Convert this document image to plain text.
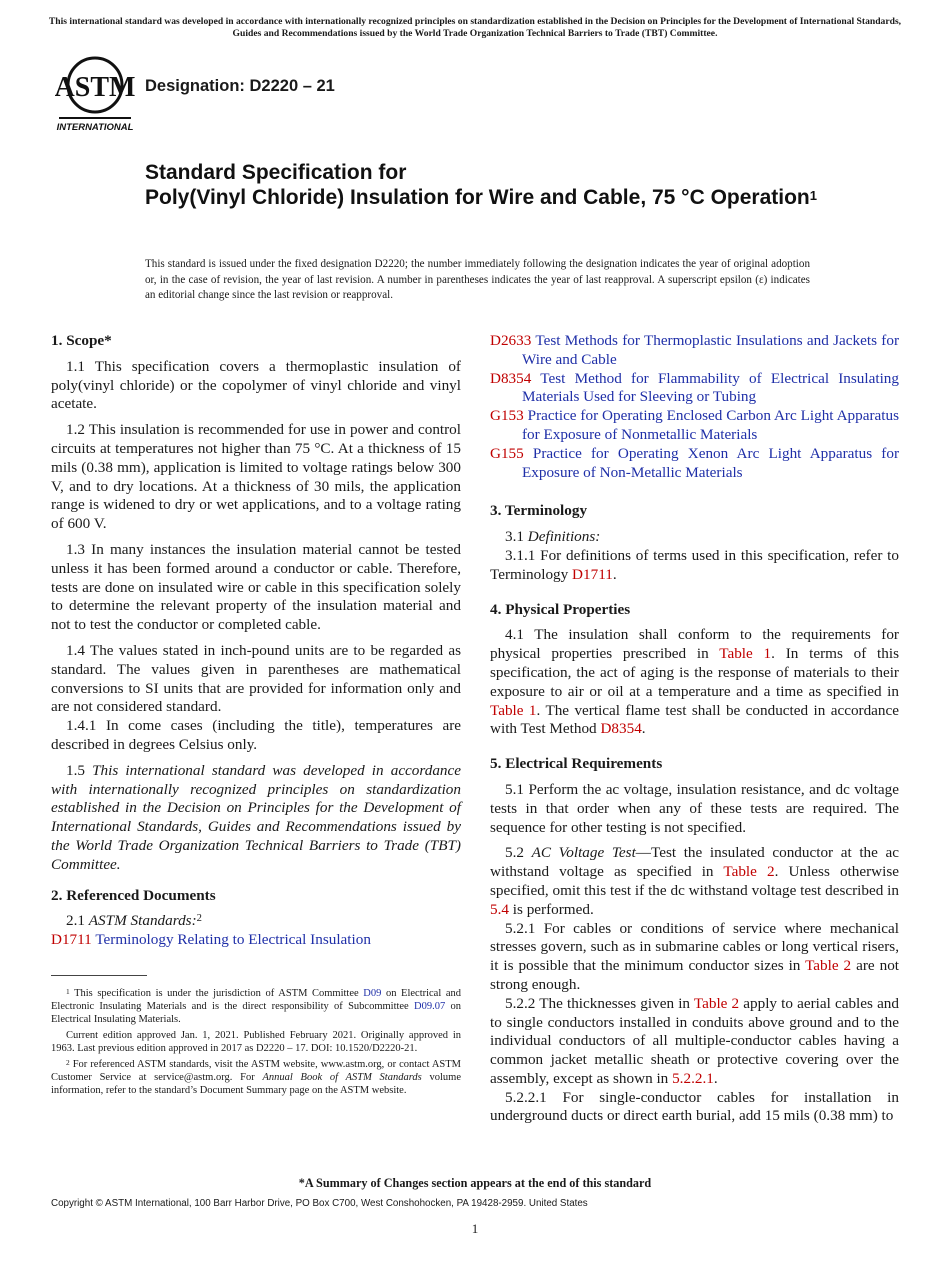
This international standard was developed in accordance with internationally recognized principles on standardization established in the Decision on Principles for the Development of International Standards, Guides and Recommendations issued by the World Trade Organization Technical Barriers to Trade (TBT) Committee.
ASTM
INTERNATIONAL
Designation: D2220 – 21
Standard Specification for
Poly(Vinyl Chloride) Insulation for Wire and Cable, 75 °C Operation$^1$
This standard is issued under the fixed designation D2220; the number immediately following the designation indicates the year of original adoption or, in the case of revision, the year of last revision. A number in parentheses indicates the year of last reapproval. A superscript epsilon (ε) indicates an editorial change since the last revision or reapproval.
1. Scope*
1.1 This specification covers a thermoplastic insulation of poly(vinyl chloride) or the copolymer of vinyl chloride and vinyl acetate.
1.2 This insulation is recommended for use in power and control circuits at temperatures not higher than 75 °C. At a thickness of 15 mils (0.38 mm), application is limited to voltage ratings below 300 V, and to dry locations. At a thickness of 30 mils, the application range is widened to dry or wet applications, and to a voltage rating of 600 V.
1.3 In many instances the insulation material cannot be tested unless it has been formed around a conductor or cable. Therefore, tests are done on insulated wire or cable in this specification solely to determine the relevant property of the insulation material and not to test the conductor or completed cable.
1.4 The values stated in inch-pound units are to be regarded as standard. The values given in parentheses are mathematical conversions to SI units that are provided for information only and are not considered standard.
1.4.1 In come cases (including the title), temperatures are described in degrees Celsius only.
1.5 This international standard was developed in accordance with internationally recognized principles on standardization established in the Decision on Principles for the Development of International Standards, Guides and Recommendations issued by the World Trade Organization Technical Barriers to Trade (TBT) Committee.
2. Referenced Documents
2.1 ASTM Standards:$^2$
D1711 Terminology Relating to Electrical Insulation
$^1$ This specification is under the jurisdiction of ASTM Committee D09 on Electrical and Electronic Insulating Materials and is the direct responsibility of Subcommittee D09.07 on Electrical Insulating Materials.
Current edition approved Jan. 1, 2021. Published February 2021. Originally approved in 1963. Last previous edition approved in 2017 as D2220 – 17. DOI: 10.1520/D2220-21.
$^2$ For referenced ASTM standards, visit the ASTM website, www.astm.org, or contact ASTM Customer Service at service@astm.org. For Annual Book of ASTM Standards volume information, refer to the standard’s Document Summary page on the ASTM website.
D2633 Test Methods for Thermoplastic Insulations and Jackets for Wire and Cable
D8354 Test Method for Flammability of Electrical Insulating Materials Used for Sleeving or Tubing
G153 Practice for Operating Enclosed Carbon Arc Light Apparatus for Exposure of Nonmetallic Materials
G155 Practice for Operating Xenon Arc Light Apparatus for Exposure of Non-Metallic Materials
3. Terminology
3.1 Definitions:
3.1.1 For definitions of terms used in this specification, refer to Terminology D1711.
4. Physical Properties
4.1 The insulation shall conform to the requirements for physical properties prescribed in Table 1. In terms of this specification, the act of aging is the response of materials to their exposure to air or oil at a temperature and a time as specified in Table 1. The vertical flame test shall be conducted in accordance with Test Method D8354.
5. Electrical Requirements
5.1 Perform the ac voltage, insulation resistance, and dc voltage tests in that order when any of these tests are required. The sequence for other testing is not specified.
5.2 AC Voltage Test—Test the insulated conductor at the ac withstand voltage as specified in Table 2. Unless otherwise specified, omit this test if the dc withstand voltage test described in 5.4 is performed.
5.2.1 For cables or conditions of service where mechanical stresses govern, such as in submarine cables or long vertical risers, it is possible that the minimum conductor sizes in Table 2 are not strong enough.
5.2.2 The thicknesses given in Table 2 apply to aerial cables and to single conductors installed in conduits above ground and to the individual conductors of all multiple-conductor cables having a common jacket metallic sheath or protective covering over the assembly, except as shown in 5.2.2.1.
5.2.2.1 For single-conductor cables for installation in underground ducts or direct earth burial, add 15 mils (0.38 mm) to
*A Summary of Changes section appears at the end of this standard
Copyright © ASTM International, 100 Barr Harbor Drive, PO Box C700, West Conshohocken, PA 19428-2959. United States
1
